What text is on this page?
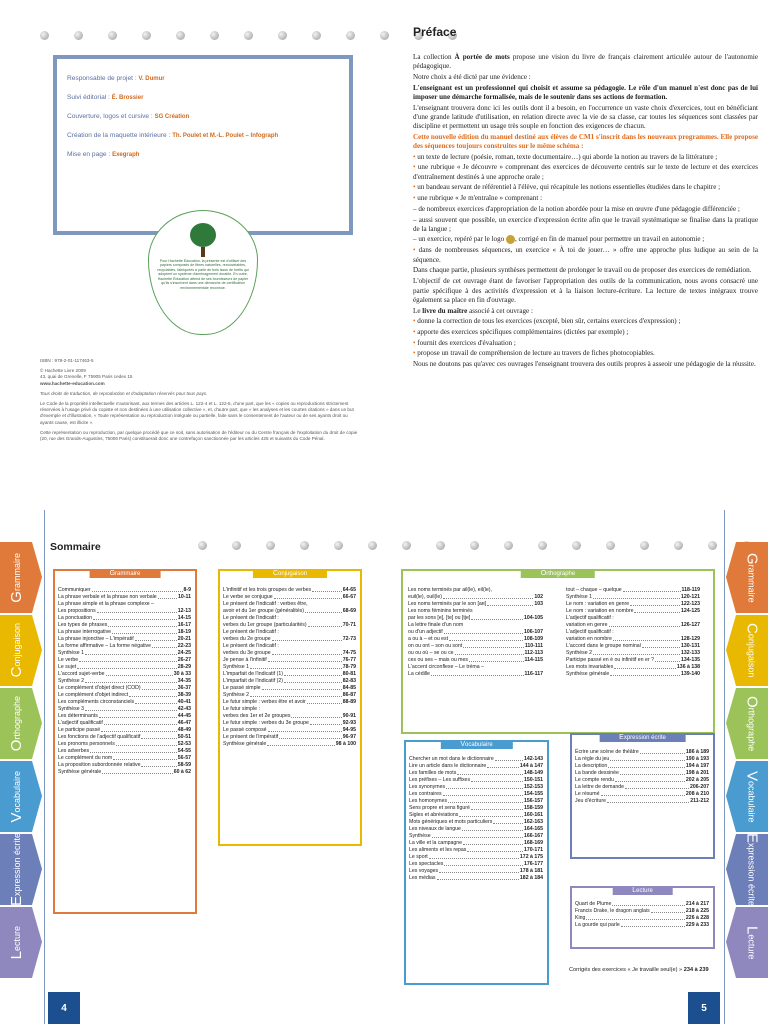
Responsable de projet : V. Dumur
Suivi éditorial : É. Brossier
Couverture, logos et cursive : SG Création
Création de la maquette intérieure : Th. Poulet et M.-L. Poulet – Infograph
Mise en page : Exegraph

Pour Hachette Éducation, la présente est d'utiliser des papiers composés de fibres naturelles, renouvelables, recyclables, fabriquées à partir de bois issus de forêts qui adoptent un système d'aménagement durable. En outre, Hachette Éducation attend de ses fournisseurs de papier qu'ils s'inscrivent dans une démarche de certification environnementale reconnue.

ISBN : 978-2-01-117463-5

© Hachette Livre 2009
43, quai de Grenelle, F 75905 Paris cedex 15

www.hachette-education.com

Tous droits de traduction, de reproduction et d'adaptation réservés pour tous pays.

Le Code de la propriété intellectuelle n'autorisant, aux termes des articles L. 122-4 et L. 122-5, d'une part, que les « copies ou reproductions strictement réservées à l'usage privé du copiste et non destinées à une utilisation collective », et, d'autre part, que « les analyses et les courtes citations » dans un but d'exemple et d'illustration, « Toute représentation ou reproduction intégrale ou partielle, faite sans le consentement de l'auteur ou de ses ayants droit ou ayants cause, est illicite ».

Cette représentation ou reproduction, par quelque procédé que ce soit, sans autorisation de l'éditeur ou du Centre français de l'exploitation du droit de copie (20, rue des Grands-Augustins, 75006 Paris) constituerait donc une contrefaçon sanctionnée par les articles 425 et suivants du Code Pénal.

Préface

La collection À portée de mots propose une vision du livre de français clairement articulée autour de l'autonomie pédagogique.

Notre choix a été dicté par une évidence :

L'enseignant est un professionnel qui choisit et assume sa pédagogie. Le rôle d'un manuel n'est donc pas de lui imposer une démarche formalisée, mais de le soutenir dans ses actions de formation.

L'enseignant trouvera donc ici les outils dont il a besoin, en l'occurrence un vaste choix d'exercices, tout en bénéficiant d'une grande latitude d'utilisation, en relation directe avec la vie de sa classe, car toutes les séquences sont classées par discipline et permettent un usage très souple en fonction des exigences de chacun.

Cette nouvelle édition du manuel destiné aux élèves de CM1 s'inscrit dans les nouveaux programmes. Elle propose des séquences toujours construites sur le même schéma :

• un texte de lecture (poésie, roman, texte documentaire…) qui aborde la notion au travers de la littérature ;

• une rubrique « Je découvre » comprenant des exercices de découverte centrés sur le texte de lecture et des exercices d'entraînement destinés à une approche orale ;

• un bandeau servant de référentiel à l'élève, qui récapitule les notions essentielles étudiées dans le chapitre ;

• une rubrique « Je m'entraîne » comprenant :

– de nombreux exercices d'appropriation de la notion abordée pour la mise en œuvre d'une pédagogie différenciée ;

– aussi souvent que possible, un exercice d'expression écrite afin que le travail systématique se finalise dans la pratique de la langue ;

– un exercice, repéré par le logo , corrigé en fin de manuel pour permettre un travail en autonomie ;

• dans de nombreuses séquences, un exercice « À toi de jouer… » offre une approche plus ludique au sein de la séquence.

Dans chaque partie, plusieurs synthèses permettent de prolonger le travail ou de proposer des exercices de remédiation.

L'objectif de cet ouvrage étant de favoriser l'appropriation des outils de la communication, nous avons consacré une partie spécifique à des activités d'expression et à la liaison lecture-écriture. La lecture de textes intégraux trouve également sa place en fin d'ouvrage.

Le livre du maître associé à cet ouvrage :

• donne la correction de tous les exercices (excepté, bien sûr, certains exercices d'expression) ;

• apporte des exercices spécifiques complémentaires (dictées par exemple) ;

• fournit des exercices d'évaluation ;

• propose un travail de compréhension de lecture au travers de fiches photocopiables.

Nous ne doutons pas qu'avec ces ouvrages l'enseignant trouvera des outils propres à asseoir une pédagogie de la réussite.

Sommaire
Grammaire
Conjugaison
Orthographe
Vocabulaire
Expression écrite
Lecture
Grammaire
Conjugaison
Orthographe
Vocabulaire
Expression écrite
Lecture
G rammaire
Communiquer	8-9
La phrase verbale et la phrase non verbale	10-11
La phrase simple et la phrase complexe –
Les propositions	12-13
La ponctuation	14-15
Les types de phrases	16-17
La phrase interrogative	18-19
La phrase injonctive – L'impératif	20-21
La forme affirmative – La forme négative	22-23
Synthèse 1	24-25
Le verbe	26-27
Le sujet	28-29
L'accord sujet-verbe	30 à 33
Synthèse 2	34-35
Le complément d'objet direct (COD)	36-37
Le complément d'objet indirect	38-39
Les compléments circonstanciels	40-41
Synthèse 3	42-43
Les déterminants	44-45
L'adjectif qualificatif	46-47
Le participe passé	48-49
Les fonctions de l'adjectif qualificatif	50-51
Les pronoms personnels	52-53
Les adverbes	54-55
Le complément du nom	56-57
La proposition subordonnée relative	58-59
Synthèse générale	60 à 62
C onjugaison
L'infinitif et les trois groupes de verbes	64-65
Le verbe se conjugue	66-67
Le présent de l'indicatif : verbes être,
avoir et du 1er groupe (généralités)	68-69
Le présent de l'indicatif :
verbes du 1er groupe (particularités)	70-71
Le présent de l'indicatif :
verbes du 2e groupe	72-73
Le présent de l'indicatif :
verbes du 3e groupe	74-75
Je pense à l'infinitif	76-77
Synthèse 1	78-79
L'imparfait de l'indicatif (1)	80-81
L'imparfait de l'indicatif (2)	82-83
Le passé simple	84-85
Synthèse 2	86-87
Le futur simple : verbes être et avoir	88-89
Le futur simple :
verbes des 1er et 2e groupes	90-91
Le futur simple : verbes du 3e groupe	92-93
Le passé composé	94-95
Le présent de l'impératif	96-97
Synthèse générale	98 à 100
O rthographe
Les noms terminés par ail(le), eil(le),
euil(le), ouil(le)	102
Les noms terminés par le son [aʀ]	103
Les noms féminins terminés
par les sons [e], [te] ou [tje]	104-105
La lettre finale d'un nom
ou d'un adjectif	106-107
a ou à – et ou est	108-109
on ou ont – son ou sont	110-111
ou ou où – se ou ce	112-113
ces ou ses – mais ou mes	114-115
L'accent circonflexe – Le tréma –
La cédille	116-117
tout – chaque – quelque	118-119
Synthèse 1	120-121
Le nom : variation en genre	122-123
Le nom : variation en nombre	124-125
L'adjectif qualificatif :
variation en genre	126-127
L'adjectif qualificatif :
variation en nombre	128-129
L'accord dans le groupe nominal	130-131
Synthèse 2	132-133
Participe passé en é ou infinitif en er ?	134-135
Les mots invariables	136 à 138
Synthèse générale	139-140
V ocabulaire
Chercher un mot dans le dictionnaire	142-143
Lire un article dans le dictionnaire	144 à 147
Les familles de mots	148-149
Les préfixes – Les suffixes	150-151
Les synonymes	152-153
Les contraires	154-155
Les homonymes	156-157
Sens propre et sens figuré	158-159
Sigles et abréviations	160-161
Mots génériques et mots particuliers	162-163
Les niveaux de langue	164-165
Synthèse	166-167
La ville et la campagne	168-169
Les aliments et les repas	170-171
Le sport	172 à 175
Les spectacles	176-177
Les voyages	178 à 181
Les médias	182 à 184
E xpression écrite
Écrire une scène de théâtre	186 à 189
La règle du jeu	190 à 193
La description	194 à 197
La bande dessinée	198 à 201
Le compte rendu	202 à 205
La lettre de demande	206-207
Le résumé	208 à 210
Jeu d'écriture	211-212
L ecture
Quart de Plume	214 à 217
Francis Drake, le dragon anglais	218 à 225
King	226 à 228
La gourde qui parle	229 à 233
Corrigés des exercices « Je travaille seul(e) » 234 à 239
4	5
